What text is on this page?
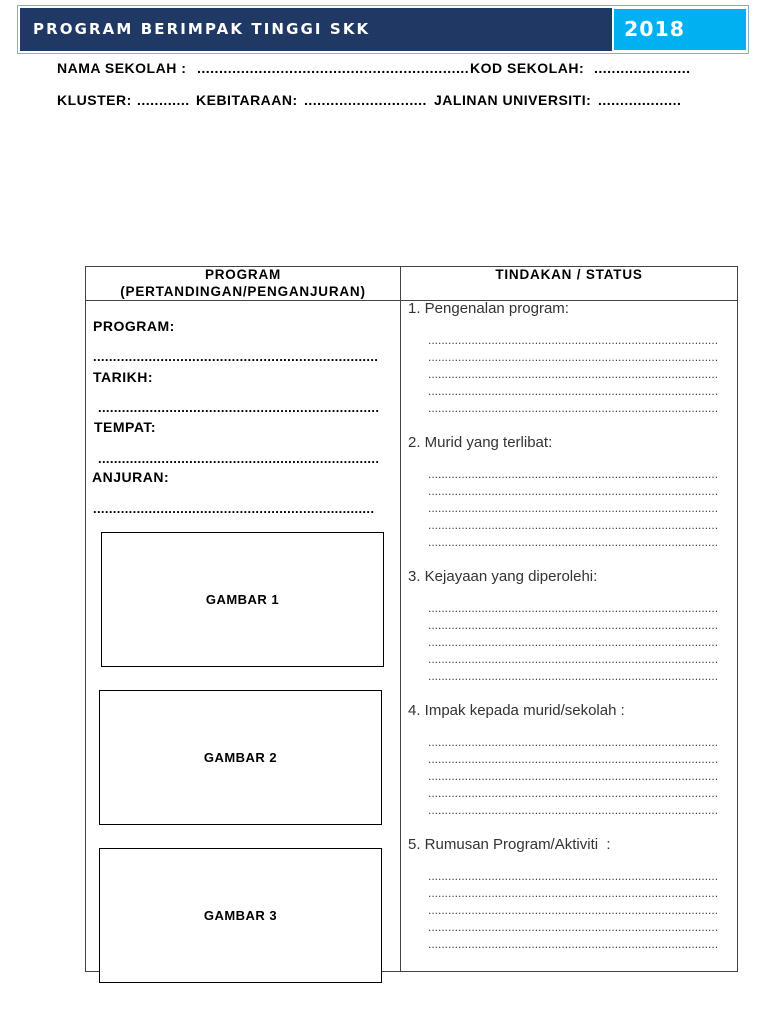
PROGRAM BERIMPAK TINGGI SKK	2018
NAMA SEKOLAH : .............................................................. KOD SEKOLAH: ......................
KLUSTER: ............ KEBITARAAN: ............................ JALINAN UNIVERSITI: ...................
PROGRAM
(PERTANDINGAN/PENGANJURAN)
TINDAKAN / STATUS
PROGRAM:
........................................................................
TARIKH:
.......................................................................
TEMPAT:
.......................................................................
ANJURAN:
.......................................................................
GAMBAR 1
GAMBAR 2
GAMBAR 3
1. Pengenalan program:
.......................................................................................
.......................................................................................
.......................................................................................
.......................................................................................
.......................................................................................
2. Murid yang terlibat:
.......................................................................................
.......................................................................................
.......................................................................................
.......................................................................................
.......................................................................................
3. Kejayaan yang diperolehi:
.......................................................................................
.......................................................................................
.......................................................................................
.......................................................................................
.......................................................................................
4. Impak kepada murid/sekolah :
.......................................................................................
.......................................................................................
.......................................................................................
.......................................................................................
.......................................................................................
5. Rumusan Program/Aktiviti  :
.......................................................................................
.......................................................................................
.......................................................................................
.......................................................................................
.......................................................................................
